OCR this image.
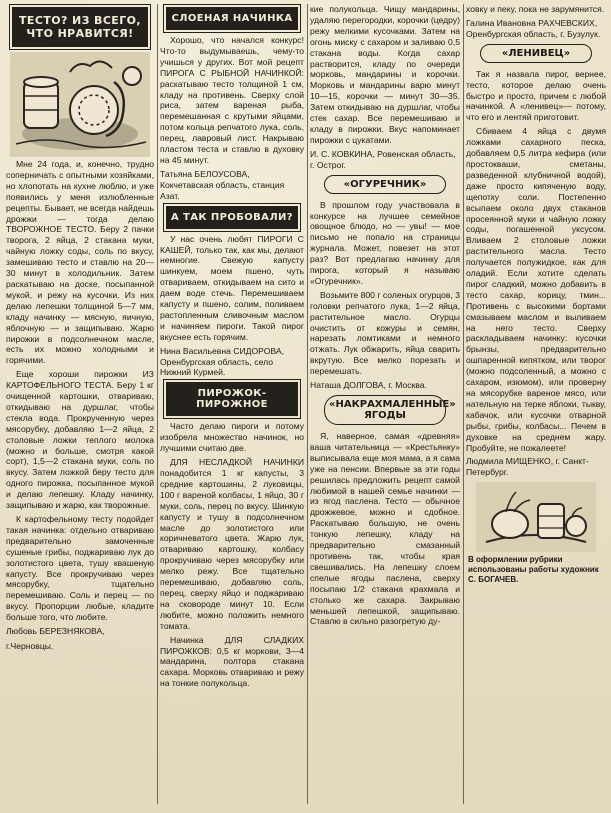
ТЕСТО? ИЗ ВСЕГО, ЧТО НРАВИТСЯ!

Мне 24 года, и, конечно, трудно соперничать с опытными хозяйками, но хлопотать на кухне люблю, и уже появились у меня излюбленные рецепты. Бывает, не всегда найдешь дрожжи — тогда делаю ТВОРОЖНОЕ ТЕСТО. Беру 2 пачки творога, 2 яйца, 2 стакана муки, чайную ложку соды, соль по вкусу, замешиваю тесто и ставлю на 20—30 минут в холодильник. Затем раскатываю на доске, посыпанной мукой, и режу на кусочки. Из них делаю лепешки толщиной 5—7 мм, кладу начинку — мясную, яичную, яблочную — и защипываю. Жарю пирожки в подсолнечном масле, есть их можно холодными и горячими.

Еще хороши пирожки ИЗ КАРТОФЕЛЬНОГО ТЕСТА. Беру 1 кг очищенной картошки, отвариваю, откидываю на дуршлаг, чтобы стекла вода. Прокрученную через мясорубку, добавляю 1—2 яйца, 2 столовые ложки теплого молока (можно и больше, смотря какой сорт), 1,5—2 стакана муки, соль по вкусу. Затем ложкой беру тесто для одного пирожка, посыпанное мукой и делаю лепешку. Кладу начинку, защипываю и жарю, как творожные.

К картофельному тесту подойдет такая начинка: отдельно отвариваю предварительно замоченные сушеные грибы, поджариваю лук до золотистого цвета, тушу квашеную капусту. Все прокручиваю через мясорубку, тщательно перемешиваю. Соль и перец — по вкусу. Пропорции любые, кладите больше того, что любите.

Любовь БЕРЕЗНЯКОВА,

г.Черновцы.

СЛОЕНАЯ НАЧИНКА

Хорошо, что начался конкурс! Что-то выдумываешь, чему-то учишься у других. Вот мой рецепт ПИРОГА С РЫБНОЙ НАЧИНКОЙ: раскатываю тесто толщиной 1 см, кладу на противень. Сверху слой риса, затем вареная рыба, перемешанная с крутыми яйцами, потом кольца репчатого лука, соль, перец, лавровый лист. Накрываю пластом теста и ставлю в духовку на 45 минут.

Татьяна БЕЛОУСОВА, Кокчетавская область, станция Азат.

А ТАК ПРОБОВАЛИ?

У нас очень любят ПИРОГИ С КАШЕЙ, только так, как мы, делают немногие. Свежую капусту шинкуем, моем пшено, чуть отвариваем, откидываем на сито и даем воде стечь. Перемешиваем капусту и пшено, солим, поливаем растопленным сливочным маслом и начиняем пироги. Такой пирог вкуснее есть горячим.

Нина Васильевна СИДОРОВА, Оренбургская область, село Нижний Курмей.

ПИРОЖОК-ПИРОЖНОЕ

Часто делаю пироги и потому изобрела множество начинок, но лучшими считаю две.

ДЛЯ НЕСЛАДКОЙ НАЧИНКИ понадобится 1 кг капусты, 3 средние картошины, 2 луковицы, 100 г вареной колбасы, 1 яйцо, 30 г муки, соль, перец по вкусу. Шинкую капусту и тушу в подсолнечном масле до золотистого или коричневатого цвета. Жарю лук, отвариваю картошку, колбасу прокручиваю через мясорубку или мелко режу. Все тщательно перемешиваю, добавляю соль, перец, сверху яйцо и поджариваю на сковороде минут 10. Если любите, можно положить немного томата.

Начинка ДЛЯ СЛАДКИХ ПИРОЖКОВ: 0,5 кг моркови, 3—4 мандарина, полтора стакана сахара. Морковь отвариваю и режу на тонкие полукольца.

кие полукольца. Чищу мандарины, удаляю перегородки, корочки (цедру) режу мелкими кусочками. Затем на огонь миску с сахаром и заливаю 0,5 стакана воды. Когда сахар растворится, кладу по очереди морковь, мандарины и корочки. Морковь и мандарины варю минут 10—15, корочки — минут 30—35. Затем откидываю на дуршлаг, чтобы стек сахар. Все перемешиваю и кладу в пирожки. Вкус напоминает пирожки с цукатами.

И. С. КОВКИНА, Ровенская область, г. Острог.

«ОГУРЕЧНИК»

В прошлом году участвовала в конкурсе на лучшее семейное овощное блюдо, но — увы! — мое письмо не попало на страницы журнала. Может, повезет на этот раз? Вот предлагаю начинку для пирога, который я называю «Огуречник».

Возьмите 800 г соленых огурцов, 3 головки репчатого лука, 1—2 яйца, растительное масло. Огурцы очистить от кожуры и семян, нарезать ломтиками и немного отжать. Лук обжарить, яйца сварить вкрутую. Все мелко порезать и перемешать.

Наташа ДОЛГОВА, г. Москва.

«НАКРАХМАЛЕННЫЕ» ЯГОДЫ

Я, наверное, самая «древняя» ваша читательница — «Крестьянку» выписывала еще моя мама, а я сама уже на пенсии. Впервые за эти годы решилась предложить рецепт самой любимой в нашей семье начинки — из ягод паслена. Тесто — обычное дрожжевое, можно и сдобное. Раскатываю большую, не очень тонкую лепешку, кладу на предварительно смазанный противень так, чтобы края свешивались. На лепешку слоем спелые ягоды паслена, сверху посыпаю 1/2 стакана крахмала и столько же сахара. Закрываю меньшей лепешкой, защипываю. Ставлю в сильно разогретую ду-

ховку и пеку, пока не зарумянится.

Галина Ивановна РАХЧЕВСКИХ, Оренбургская область, г. Бузулук.

«ЛЕНИВЕЦ»

Так я назвала пирог, вернее, тесто, которое делаю очень быстро и просто, причем с любой начинкой. А «ленивец»— потому, что его и лентяй приготовит.

Сбиваем 4 яйца с двумя ложками сахарного песка, добавляем 0,5 литра кефира (или простокваши, сметаны, разведенной клубничной водой), даже просто кипяченую воду, щепотку соли. Постепенно всыпаем около двух стаканов просеянной муки и чайную ложку соды, погашенной уксусом. Вливаем 2 столовые ложки растительного масла. Тесто получается полужидкое, как для оладий. Если хотите сделать пирог сладкий, можно добавить в тесто сахар, корицу, тмин... Противень с высокими бортами смазываем маслом и выливаем на него тесто. Сверху раскладываем начинку: кусочки брынзы, предварительно ошпаренной кипятком, или творог (можно подсоленный, а можно с сахаром, изюмом), или проверну на мясорубке вареное мясо, или нательную на терке яблоки, тыкву, кабачок, или кусочки отварной рыбы, грибы, колбасы... Печем в духовке на среднем жару. Пробуйте, не пожалеете!

Людмила МИЩЕНКО, г. Санкт-Петербург.

В оформлении рубрики использованы работы художник С. БОГАЧЕВ.
